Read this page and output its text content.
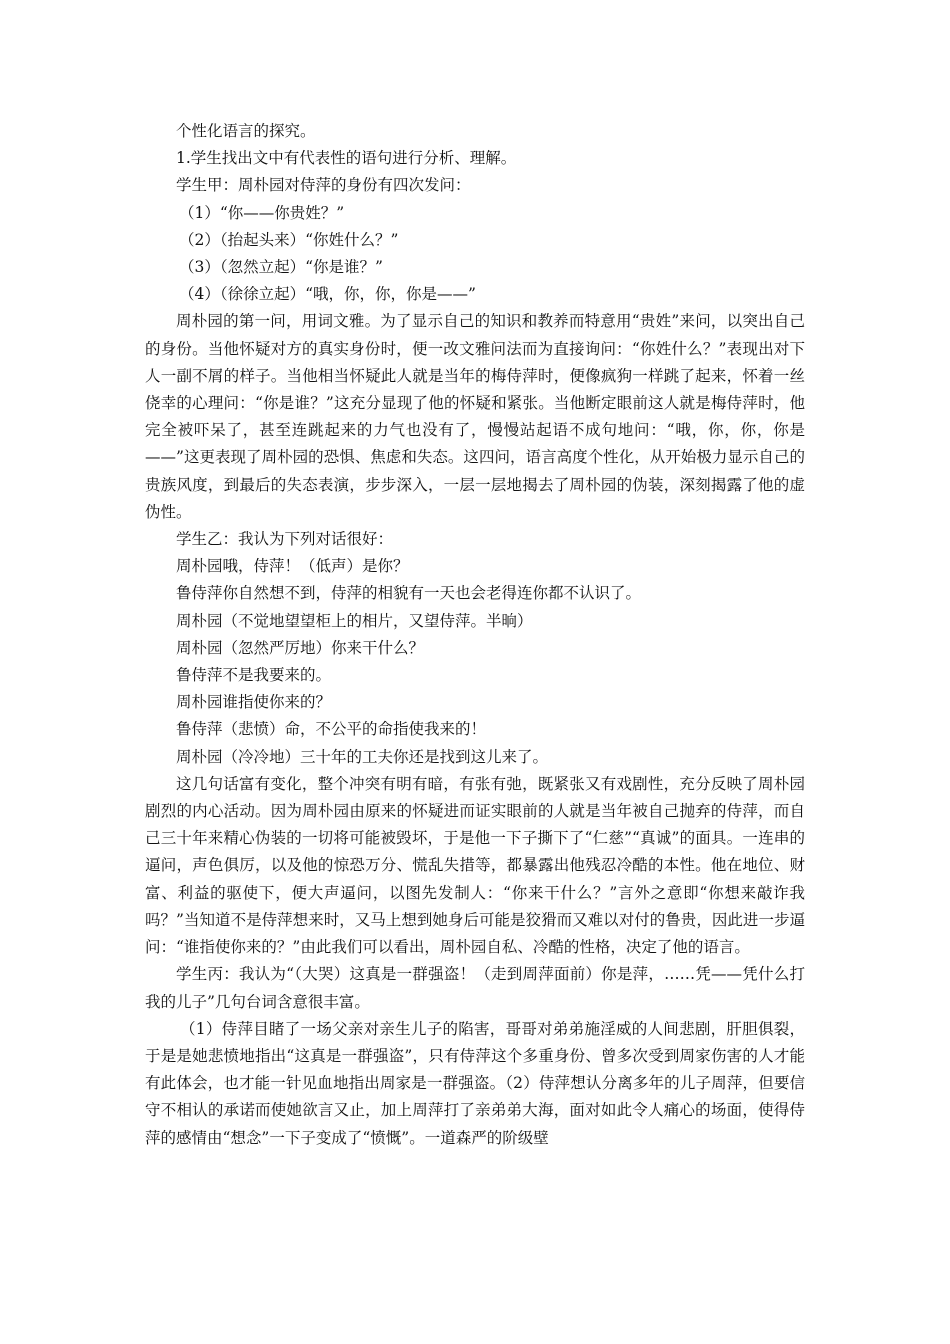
个性化语言的探究。

1.学生找出文中有代表性的语句进行分析、理解。

学生甲：周朴园对侍萍的身份有四次发问：

（1）“你——你贵姓？”

（2）（抬起头来）“你姓什么？”

（3）（忽然立起）“你是谁？”

（4）（徐徐立起）“哦，你，你，你是——”

周朴园的第一问，用词文雅。为了显示自己的知识和教养而特意用“贵姓”来问，以突出自己的身份。当他怀疑对方的真实身份时，便一改文雅问法而为直接询问：“你姓什么？”表现出对下人一副不屑的样子。当他相当怀疑此人就是当年的梅侍萍时，便像疯狗一样跳了起来，怀着一丝侥幸的心理问：“你是谁？”这充分显现了他的怀疑和紧张。当他断定眼前这人就是梅侍萍时，他完全被吓呆了，甚至连跳起来的力气也没有了，慢慢站起语不成句地问：“哦，你，你，你是——”这更表现了周朴园的恐惧、焦虑和失态。这四问，语言高度个性化，从开始极力显示自己的贵族风度，到最后的失态表演，步步深入，一层一层地揭去了周朴园的伪装，深刻揭露了他的虚伪性。

学生乙：我认为下列对话很好：

周朴园哦，侍萍！（低声）是你？

鲁侍萍你自然想不到，侍萍的相貌有一天也会老得连你都不认识了。

周朴园（不觉地望望柜上的相片，又望侍萍。半晌）

周朴园（忽然严厉地）你来干什么？

鲁侍萍不是我要来的。

周朴园谁指使你来的？

鲁侍萍（悲愤）命，不公平的命指使我来的！

周朴园（冷冷地）三十年的工夫你还是找到这儿来了。

这几句话富有变化，整个冲突有明有暗，有张有弛，既紧张又有戏剧性，充分反映了周朴园剧烈的内心活动。因为周朴园由原来的怀疑进而证实眼前的人就是当年被自己抛弃的侍萍，而自己三十年来精心伪装的一切将可能被毁坏，于是他一下子撕下了“仁慈”“真诚”的面具。一连串的逼问，声色俱厉，以及他的惊恐万分、慌乱失措等，都暴露出他残忍冷酷的本性。他在地位、财富、利益的驱使下，便大声逼问，以图先发制人：“你来干什么？”言外之意即“你想来敲诈我吗？”当知道不是侍萍想来时，又马上想到她身后可能是狡猾而又难以对付的鲁贵，因此进一步逼问：“谁指使你来的？”由此我们可以看出，周朴园自私、冷酷的性格，决定了他的语言。

学生丙：我认为“（大哭）这真是一群强盗！（走到周萍面前）你是萍，……凭——凭什么打我的儿子”几句台词含意很丰富。

（1）侍萍目睹了一场父亲对亲生儿子的陷害，哥哥对弟弟施淫威的人间悲剧，肝胆俱裂，于是是她悲愤地指出“这真是一群强盗”，只有侍萍这个多重身份、曾多次受到周家伤害的人才能有此体会，也才能一针见血地指出周家是一群强盗。（2）侍萍想认分离多年的儿子周萍，但要信守不相认的承诺而使她欲言又止，加上周萍打了亲弟弟大海，面对如此令人痛心的场面，使得侍萍的感情由“想念”一下子变成了“愤慨”。一道森严的阶级壁
